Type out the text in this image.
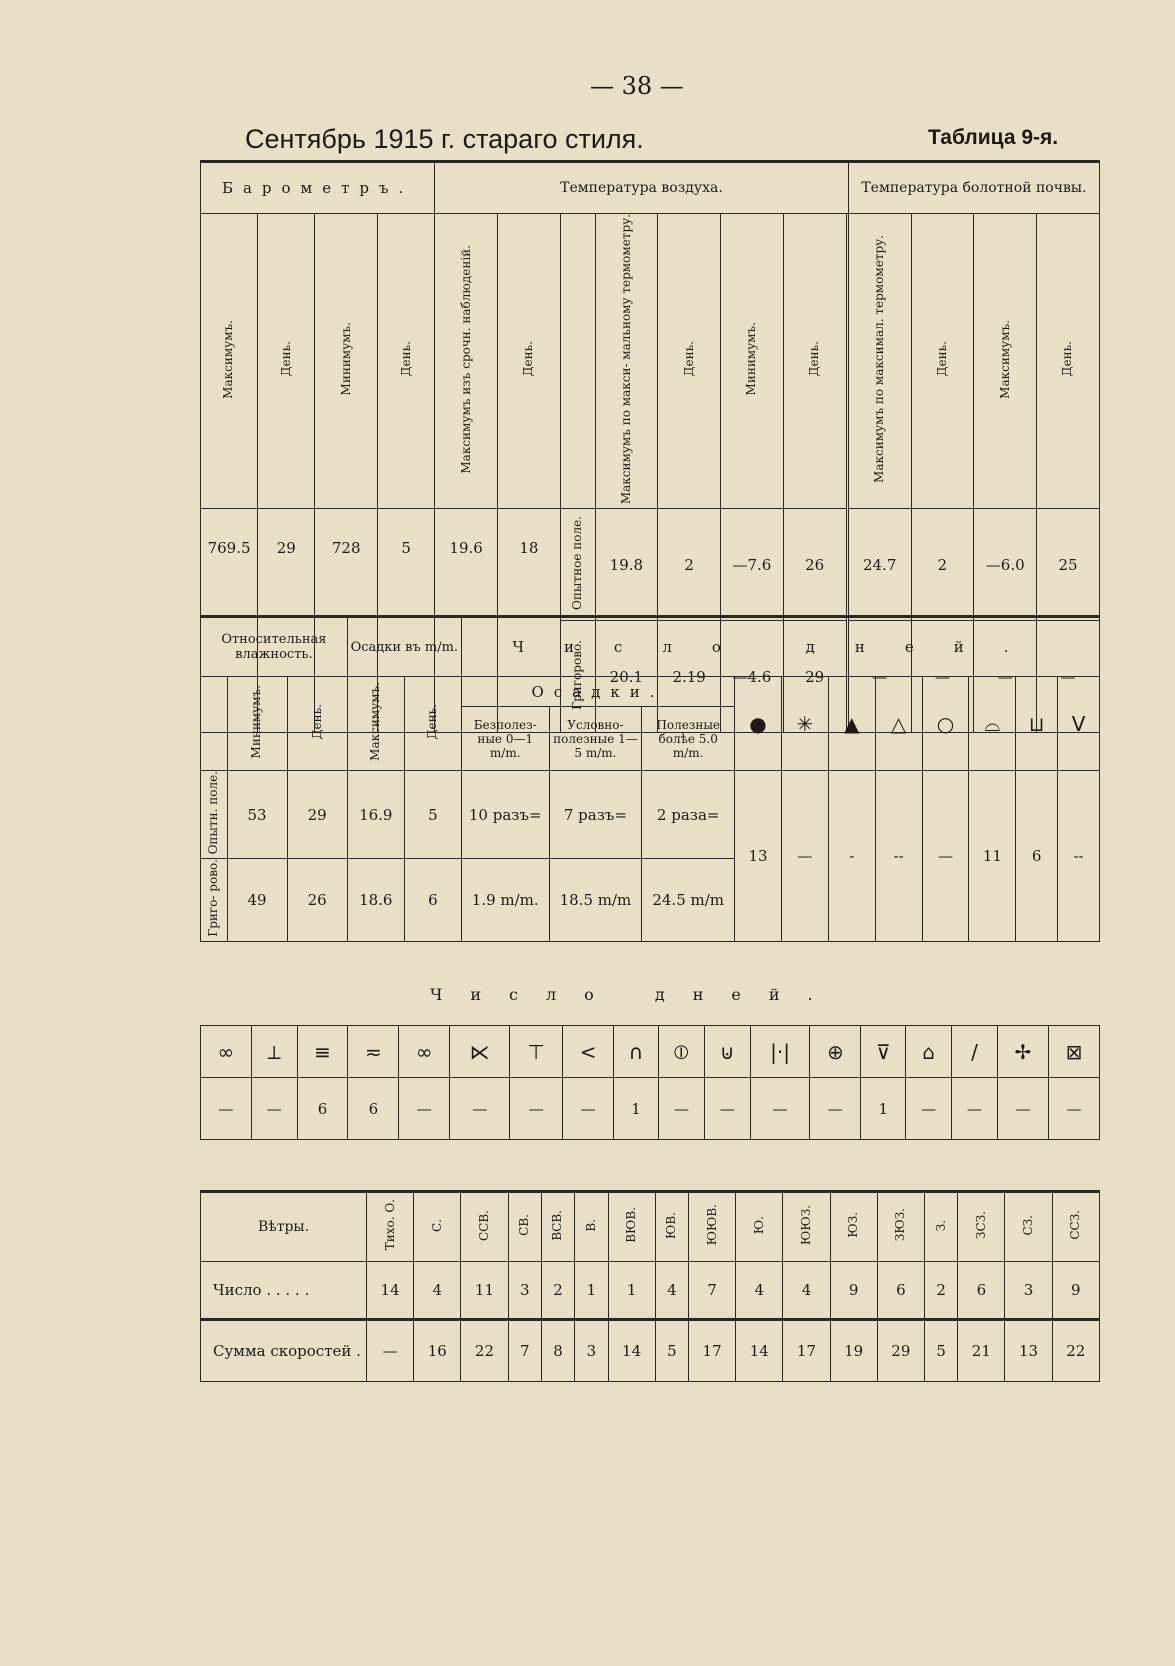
— 38 —
Сентябрь 1915 г. стараго стиля.	Таблица 9-я.
Барометръ.				Температура воздуха.								Температура болотной почвы.			
Максимумъ.	День.	Минимумъ.	День.	Максимумъ изъ срочн. наблюденій.	День.		Максимумъ по макси- мальному термометру.	День.	Минимумъ.	День.		Максимумъ по максимал. термометру.	День.	Максимумъ.	День.
769.5	29	728	5	19.6	18	Опытное поле.	19.8	2	—7.6	26		24.7	2	—6.0	25
						Григорово.	20.1	2.19	—4.6	29		—	—	—	—
Относительная влажность.			Осадки въ m/m.		Число дней.										
	Минимумъ.	День.	Максимумъ.	День.	Осадки.			●	✳	▲	△	○	⌓	⊔	V
					Безполез- ные 0—1 m/m.	Условно- полезные 1—5 m/m.	Полезные болѣе 5.0 m/m.								
Опытн. поле.	53	29	16.9	5	10 разъ=	7 разъ=	2 раза=	13	—	-	--	—	11	6	--
Григо- рово.	49	26	18.6	6	1.9 m/m.	18.5 m/m	24.5 m/m								
Число дней.
∞	⟂	≡	≂	∞	⋉	⊤	<	∩	⦶	⊍	|·|	⊕	⊽	⌂	/	✢	⊠
—	—	6	6	—	—	—	—	1	—	—	—	—	1	—	—	—	—
Вѣтры.	Тихо. О.	С.	ССВ.	СВ.	ВСВ.	В.	ВЮВ.	ЮВ.	ЮЮВ.	Ю.	ЮЮЗ.	ЮЗ.	ЗЮЗ.	З.	ЗСЗ.	СЗ.	ССЗ.
Число . . . . .	14	4	11	3	2	1	1	4	7	4	4	9	6	2	6	3	9
Сумма скоростей .	—	16	22	7	8	3	14	5	17	14	17	19	29	5	21	13	22
